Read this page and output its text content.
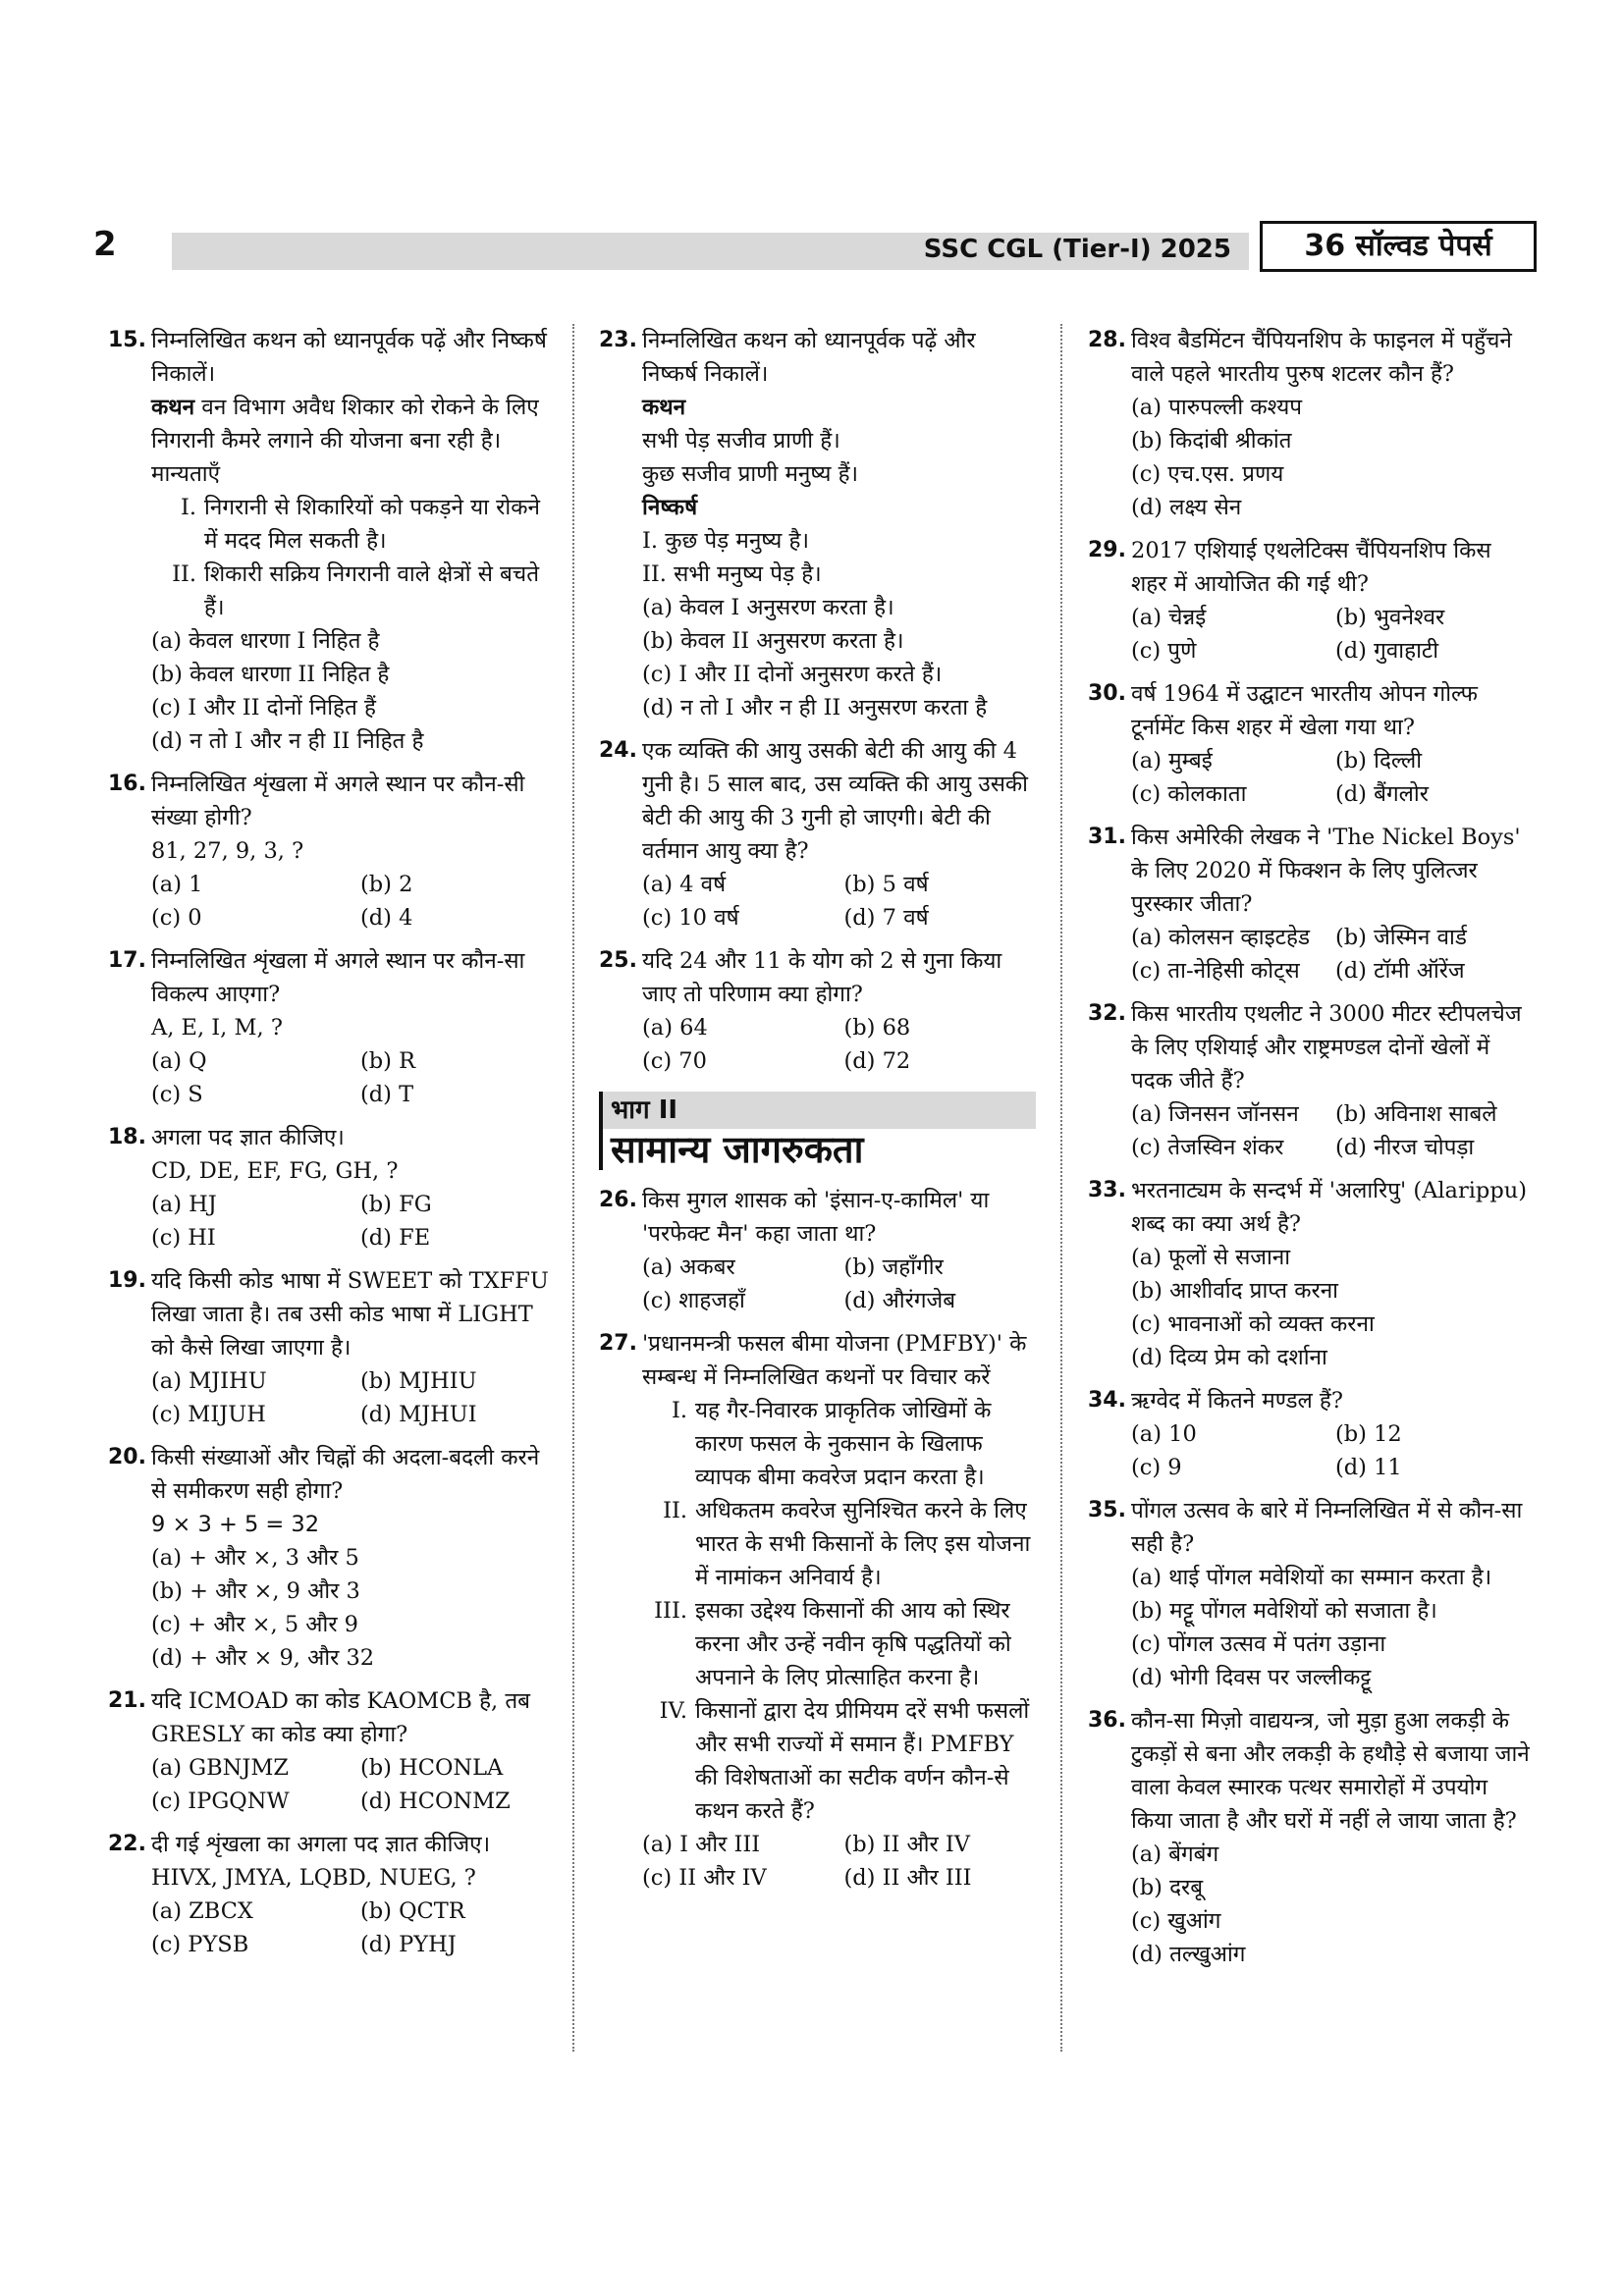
2	SSC CGL (Tier-I) 2025	36 सॉल्वड पेपर्स
15. निम्नलिखित कथन को ध्यानपूर्वक पढ़ें और निष्कर्ष निकालें।
कथन वन विभाग अवैध शिकार को रोकने के लिए निगरानी कैमरे लगाने की योजना बना रही है। मान्यताएँ
I. निगरानी से शिकारियों को पकड़ने या रोकने में मदद मिल सकती है।
II. शिकारी सक्रिय निगरानी वाले क्षेत्रों से बचते हैं।
(a) केवल धारणा I निहित है
(b) केवल धारणा II निहित है
(c) I और II दोनों निहित हैं
(d) न तो I और न ही II निहित है
16. निम्नलिखित शृंखला में अगले स्थान पर कौन-सी संख्या होगी?
81, 27, 9, 3, ?
(a) 1	(b) 2
(c) 0	(d) 4
17. निम्नलिखित शृंखला में अगले स्थान पर कौन-सा विकल्प आएगा?
A, E, I, M, ?
(a) Q	(b) R
(c) S	(d) T
18. अगला पद ज्ञात कीजिए।
CD, DE, EF, FG, GH, ?
(a) HJ	(b) FG
(c) HI	(d) FE
19. यदि किसी कोड भाषा में SWEET को TXFFU लिखा जाता है। तब उसी कोड भाषा में LIGHT को कैसे लिखा जाएगा है।
(a) MJIHU	(b) MJHIU
(c) MIJUH	(d) MJHUI
20. किसी संख्याओं और चिह्नों की अदला-बदली करने से समीकरण सही होगा?
9 × 3 + 5 = 32
(a) + और ×, 3 और 5
(b) + और ×, 9 और 3
(c) + और ×, 5 और 9
(d) + और × 9, और 32
21. यदि ICMOAD का कोड KAOMCB है, तब GRESLY का कोड क्या होगा?
(a) GBNJMZ	(b) HCONLA
(c) IPGQNW	(d) HCONMZ
22. दी गई शृंखला का अगला पद ज्ञात कीजिए।
HIVX, JMYA, LQBD, NUEG, ?
(a) ZBCX	(b) QCTR
(c) PYSB	(d) PYHJ
23. निम्नलिखित कथन को ध्यानपूर्वक पढ़ें और निष्कर्ष निकालें।
कथन
सभी पेड़ सजीव प्राणी हैं।
कुछ सजीव प्राणी मनुष्य हैं।
निष्कर्ष
I. कुछ पेड़ मनुष्य है।
II. सभी मनुष्य पेड़ है।
(a) केवल I अनुसरण करता है।
(b) केवल II अनुसरण करता है।
(c) I और II दोनों अनुसरण करते हैं।
(d) न तो I और न ही II अनुसरण करता है
24. एक व्यक्ति की आयु उसकी बेटी की आयु की 4 गुनी है। 5 साल बाद, उस व्यक्ति की आयु उसकी बेटी की आयु की 3 गुनी हो जाएगी। बेटी की वर्तमान आयु क्या है?
(a) 4 वर्ष	(b) 5 वर्ष
(c) 10 वर्ष	(d) 7 वर्ष
25. यदि 24 और 11 के योग को 2 से गुना किया जाए तो परिणाम क्या होगा?
(a) 64	(b) 68
(c) 70	(d) 72
भाग II
सामान्य जागरुकता
26. किस मुगल शासक को 'इंसान-ए-कामिल' या 'परफेक्ट मैन' कहा जाता था?
(a) अकबर	(b) जहाँगीर
(c) शाहजहाँ	(d) औरंगजेब
27. 'प्रधानमन्त्री फसल बीमा योजना (PMFBY)' के सम्बन्ध में निम्नलिखित कथनों पर विचार करें
I. यह गैर-निवारक प्राकृतिक जोखिमों के कारण फसल के नुकसान के खिलाफ व्यापक बीमा कवरेज प्रदान करता है।
II. अधिकतम कवरेज सुनिश्चित करने के लिए भारत के सभी किसानों के लिए इस योजना में नामांकन अनिवार्य है।
III. इसका उद्देश्य किसानों की आय को स्थिर करना और उन्हें नवीन कृषि पद्धतियों को अपनाने के लिए प्रोत्साहित करना है।
IV. किसानों द्वारा देय प्रीमियम दरें सभी फसलों और सभी राज्यों में समान हैं। PMFBY की विशेषताओं का सटीक वर्णन कौन-से कथन करते हैं?
(a) I और III	(b) II और IV
(c) II और IV	(d) II और III
28. विश्व बैडमिंटन चैंपियनशिप के फाइनल में पहुँचने वाले पहले भारतीय पुरुष शटलर कौन हैं?
(a) पारुपल्ली कश्यप
(b) किदांबी श्रीकांत
(c) एच.एस. प्रणय
(d) लक्ष्य सेन
29. 2017 एशियाई एथलेटिक्स चैंपियनशिप किस शहर में आयोजित की गई थी?
(a) चेन्नई	(b) भुवनेश्वर
(c) पुणे	(d) गुवाहाटी
30. वर्ष 1964 में उद्घाटन भारतीय ओपन गोल्फ टूर्नामेंट किस शहर में खेला गया था?
(a) मुम्बई	(b) दिल्ली
(c) कोलकाता	(d) बैंगलोर
31. किस अमेरिकी लेखक ने 'The Nickel Boys' के लिए 2020 में फिक्शन के लिए पुलित्जर पुरस्कार जीता?
(a) कोलसन व्हाइटहेड	(b) जेस्मिन वार्ड
(c) ता-नेहिसी कोट्स	(d) टॉमी ऑरेंज
32. किस भारतीय एथलीट ने 3000 मीटर स्टीपलचेज के लिए एशियाई और राष्ट्रमण्डल दोनों खेलों में पदक जीते हैं?
(a) जिनसन जॉनसन	(b) अविनाश साबले
(c) तेजस्विन शंकर	(d) नीरज चोपड़ा
33. भरतनाट्यम के सन्दर्भ में 'अलारिपु' (Alarippu) शब्द का क्या अर्थ है?
(a) फूलों से सजाना
(b) आशीर्वाद प्राप्त करना
(c) भावनाओं को व्यक्त करना
(d) दिव्य प्रेम को दर्शाना
34. ऋग्वेद में कितने मण्डल हैं?
(a) 10	(b) 12
(c) 9	(d) 11
35. पोंगल उत्सव के बारे में निम्नलिखित में से कौन-सा सही है?
(a) थाई पोंगल मवेशियों का सम्मान करता है।
(b) मट्टू पोंगल मवेशियों को सजाता है।
(c) पोंगल उत्सव में पतंग उड़ाना
(d) भोगी दिवस पर जल्लीकट्टू
36. कौन-सा मिज़ो वाद्ययन्त्र, जो मुड़ा हुआ लकड़ी के टुकड़ों से बना और लकड़ी के हथौड़े से बजाया जाने वाला केवल स्मारक पत्थर समारोहों में उपयोग किया जाता है और घरों में नहीं ले जाया जाता है?
(a) बेंगबंग
(b) दरबू
(c) खुआंग
(d) तल्खुआंग
